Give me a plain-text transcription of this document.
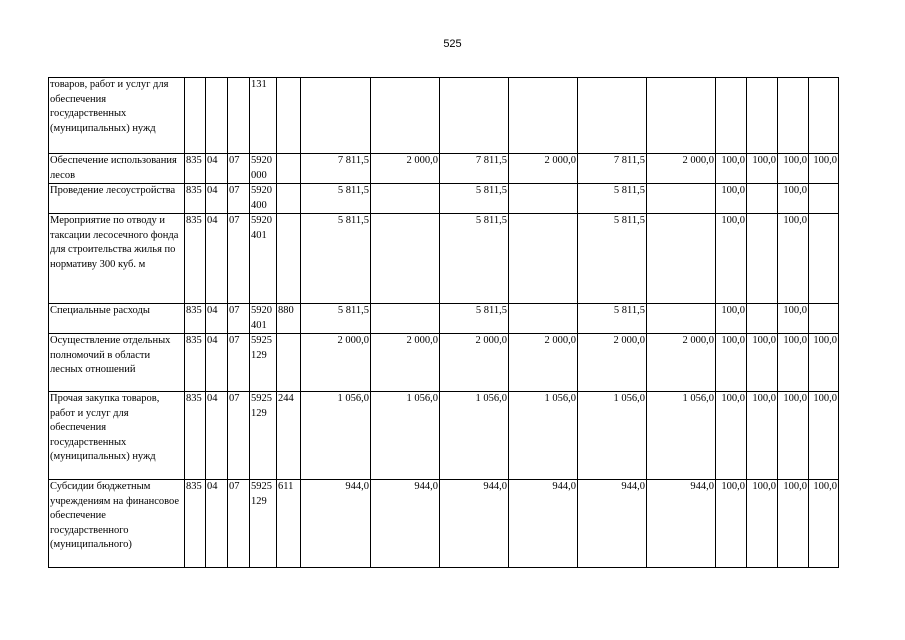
525
товаров, работ и услуг для обеспечения государственных (муниципальных) нужд				131											
Обеспечение использования лесов	835	04	07	5920 000		7 811,5	2 000,0	7 811,5	2 000,0	7 811,5	2 000,0	100,0	100,0	100,0	100,0
Проведение лесоустройства	835	04	07	5920 400		5 811,5		5 811,5		5 811,5		100,0		100,0	
Мероприятие по отводу и таксации лесосечного фонда для строительства жилья по нормативу 300 куб. м	835	04	07	5920 401		5 811,5		5 811,5		5 811,5		100,0		100,0	
Специальные расходы	835	04	07	5920 401	880	5 811,5		5 811,5		5 811,5		100,0		100,0	
Осуществление отдельных полномочий в области лесных отношений	835	04	07	5925 129		2 000,0	2 000,0	2 000,0	2 000,0	2 000,0	2 000,0	100,0	100,0	100,0	100,0
Прочая закупка товаров, работ и услуг для обеспечения государственных (муниципальных) нужд	835	04	07	5925 129	244	1 056,0	1 056,0	1 056,0	1 056,0	1 056,0	1 056,0	100,0	100,0	100,0	100,0
Субсидии бюджетным учреждениям на финансовое обеспечение государственного (муниципального)	835	04	07	5925 129	611	944,0	944,0	944,0	944,0	944,0	944,0	100,0	100,0	100,0	100,0
